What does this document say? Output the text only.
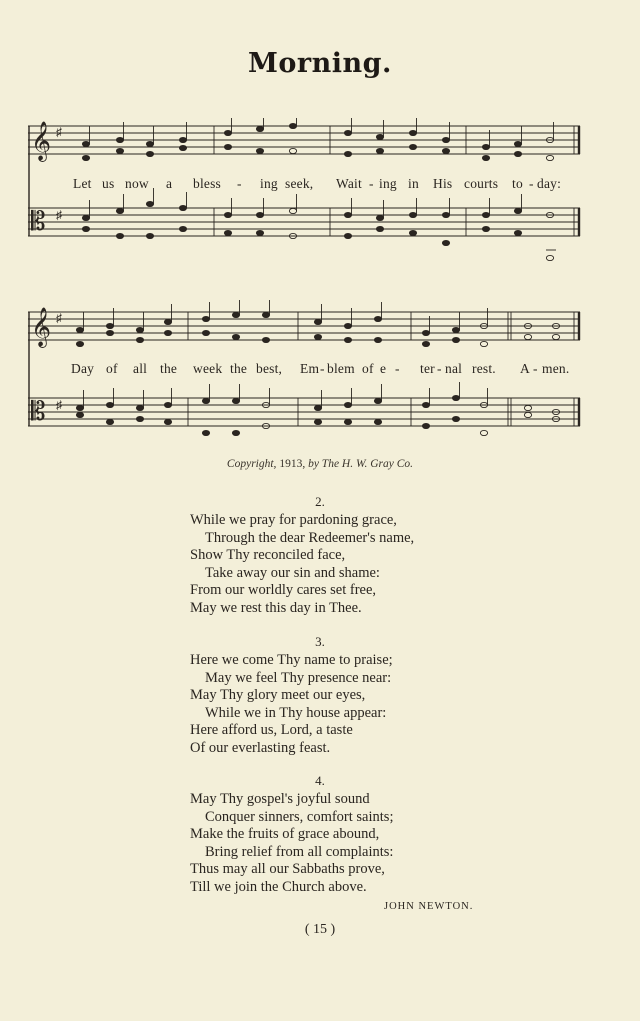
Morning.
𝄞 ♯
𝄡 ♯
Let us now a bless - ing seek, Wait - ing in His courts to - day:
𝄞 ♯
𝄡 ♯
Day of all the week the best, Em - blem of e - ter - nal rest. A - men.
Copyright, 1913, by The H. W. Gray Co.
2.
While we pray for pardoning grace,
Through the dear Redeemer's name,
Show Thy reconciled face,
Take away our sin and shame:
From our worldly cares set free,
May we rest this day in Thee.
3.
Here we come Thy name to praise;
May we feel Thy presence near:
May Thy glory meet our eyes,
While we in Thy house appear:
Here afford us, Lord, a taste
Of our everlasting feast.
4.
May Thy gospel's joyful sound
Conquer sinners, comfort saints;
Make the fruits of grace abound,
Bring relief from all complaints:
Thus may all our Sabbaths prove,
Till we join the Church above.
JOHN NEWTON.
( 15 )
